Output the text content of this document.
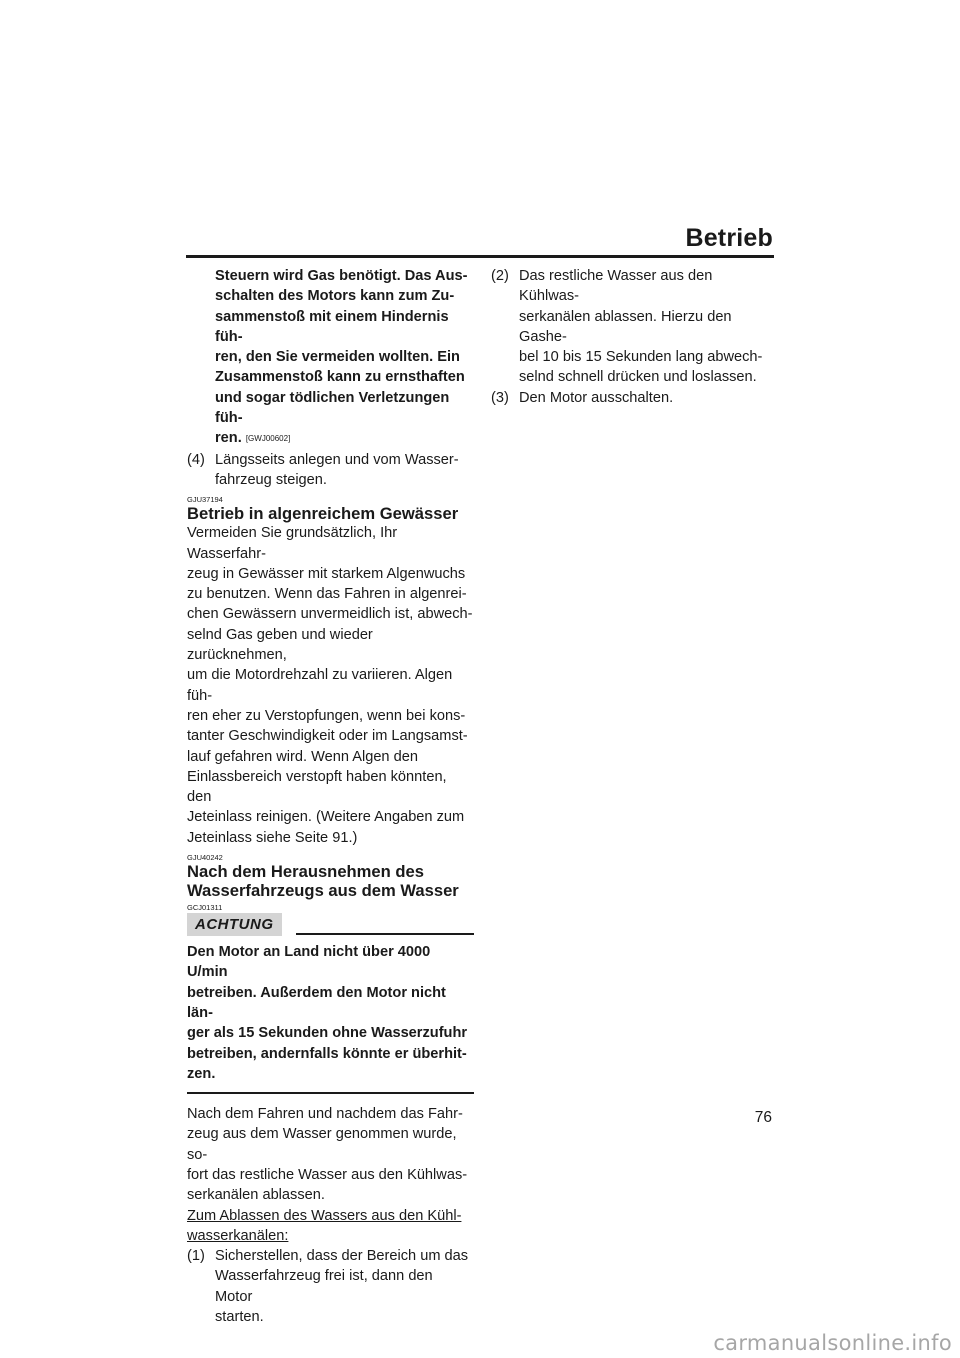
Betrieb
Steuern wird Gas benötigt. Das Aus-
schalten des Motors kann zum Zu-
sammenstoß mit einem Hindernis füh-
ren, den Sie vermeiden wollten. Ein
Zusammenstoß kann zu ernsthaften
und sogar tödlichen Verletzungen füh-
ren. [GWJ00602]
(4) Längsseits anlegen und vom Wasser-
fahrzeug steigen.
GJU37194
Betrieb in algenreichem Gewässer
Vermeiden Sie grundsätzlich, Ihr Wasserfahr-
zeug in Gewässer mit starkem Algenwuchs
zu benutzen. Wenn das Fahren in algenrei-
chen Gewässern unvermeidlich ist, abwech-
selnd Gas geben und wieder zurücknehmen,
um die Motordrehzahl zu variieren. Algen füh-
ren eher zu Verstopfungen, wenn bei kons-
tanter Geschwindigkeit oder im Langsamst-
lauf gefahren wird. Wenn Algen den
Einlassbereich verstopft haben könnten, den
Jeteinlass reinigen. (Weitere Angaben zum
Jeteinlass siehe Seite 91.)
GJU40242
Nach dem Herausnehmen des
Wasserfahrzeugs aus dem Wasser
GCJ01311
ACHTUNG
Den Motor an Land nicht über 4000 U/min
betreiben. Außerdem den Motor nicht län-
ger als 15 Sekunden ohne Wasserzufuhr
betreiben, andernfalls könnte er überhit-
zen.
Nach dem Fahren und nachdem das Fahr-
zeug aus dem Wasser genommen wurde, so-
fort das restliche Wasser aus den Kühlwas-
serkanälen ablassen.
Zum Ablassen des Wassers aus den Kühl-
wasserkanälen:
(1) Sicherstellen, dass der Bereich um das
Wasserfahrzeug frei ist, dann den Motor
starten.
(2) Das restliche Wasser aus den Kühlwas-
serkanälen ablassen. Hierzu den Gashe-
bel 10 bis 15 Sekunden lang abwech-
selnd schnell drücken und loslassen.
(3) Den Motor ausschalten.
76
carmanualsonline.info
